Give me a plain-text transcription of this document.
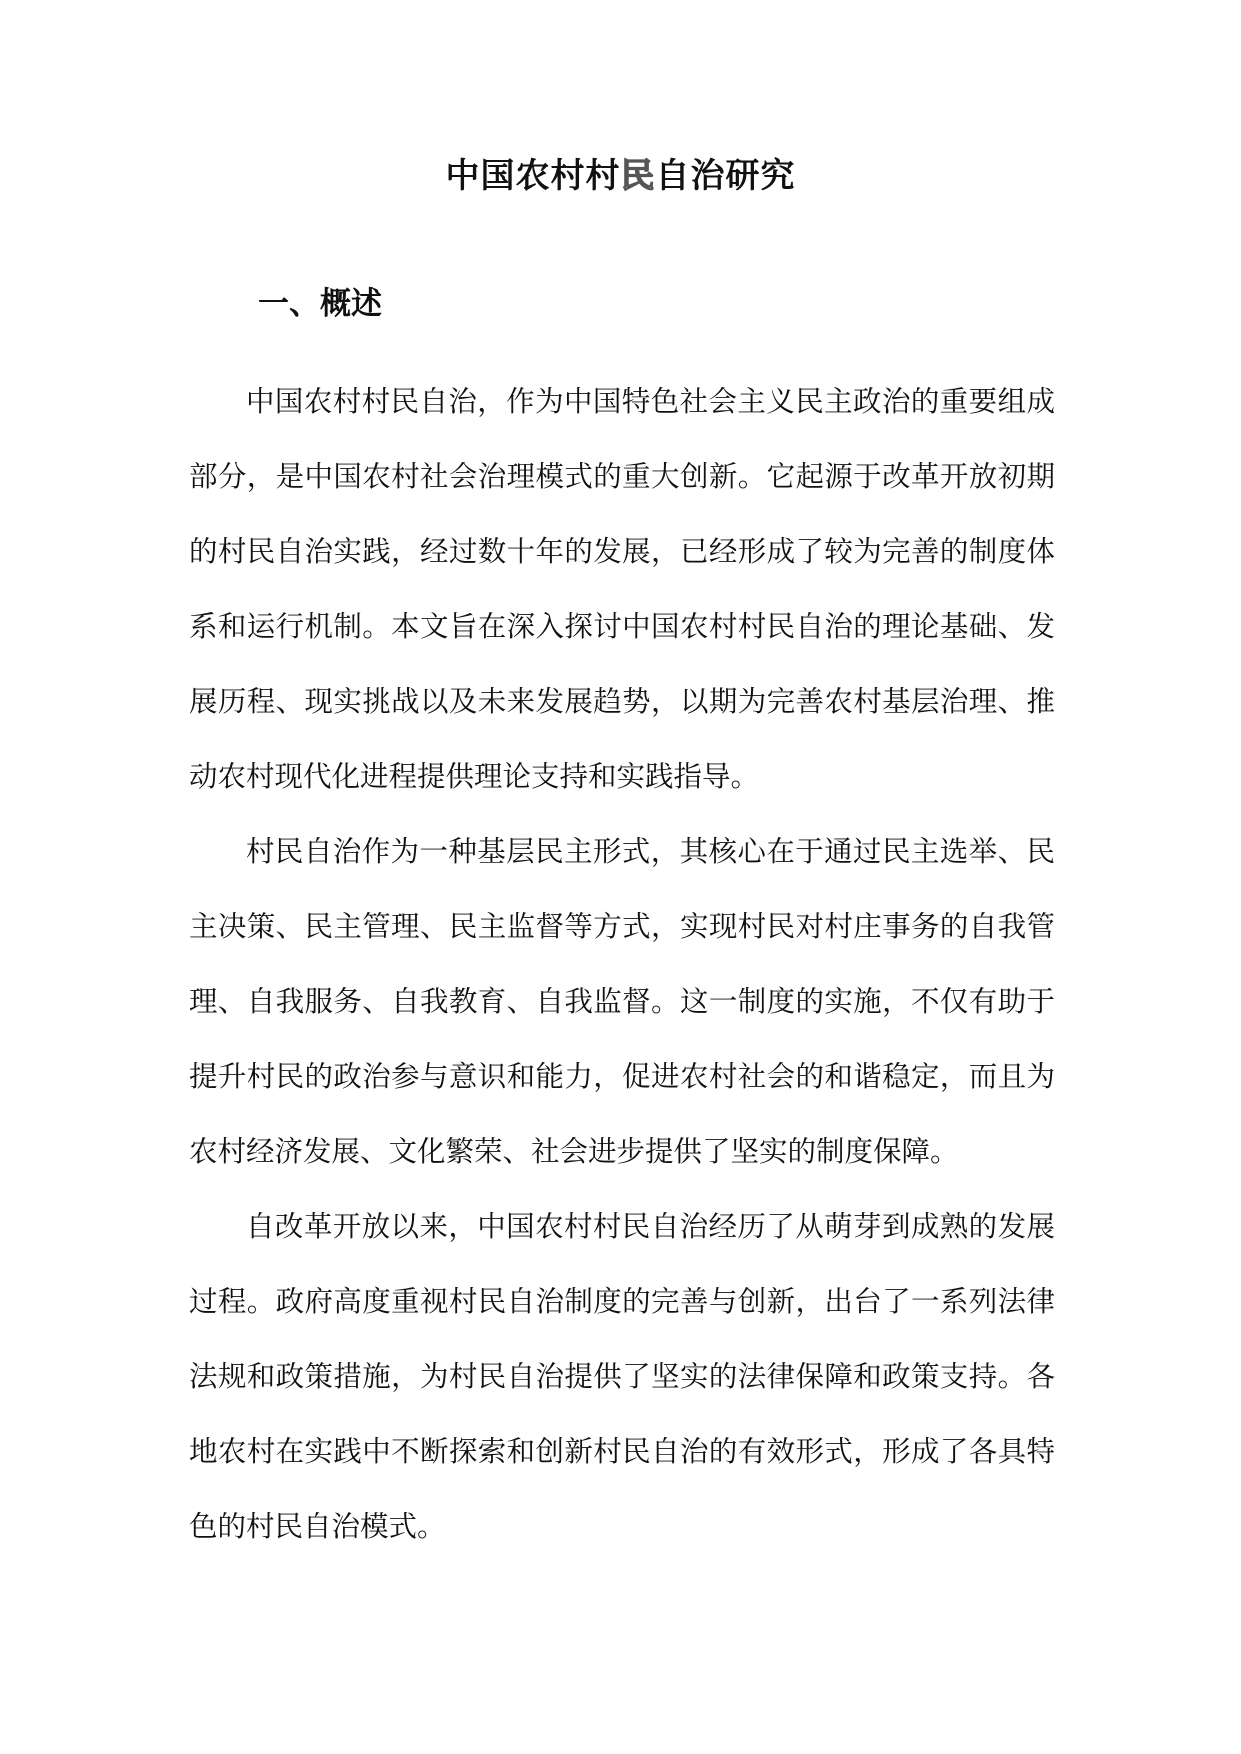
中国农村村民自治研究
一、概述

中国农村村民自治，作为中国特色社会主义民主政治的重要组成部分，是中国农村社会治理模式的重大创新。它起源于改革开放初期的村民自治实践，经过数十年的发展，已经形成了较为完善的制度体系和运行机制。本文旨在深入探讨中国农村村民自治的理论基础、发展历程、现实挑战以及未来发展趋势，以期为完善农村基层治理、推动农村现代化进程提供理论支持和实践指导。

村民自治作为一种基层民主形式，其核心在于通过民主选举、民主决策、民主管理、民主监督等方式，实现村民对村庄事务的自我管理、自我服务、自我教育、自我监督。这一制度的实施，不仅有助于提升村民的政治参与意识和能力，促进农村社会的和谐稳定，而且为农村经济发展、文化繁荣、社会进步提供了坚实的制度保障。

自改革开放以来，中国农村村民自治经历了从萌芽到成熟的发展过程。政府高度重视村民自治制度的完善与创新，出台了一系列法律法规和政策措施，为村民自治提供了坚实的法律保障和政策支持。各地农村在实践中不断探索和创新村民自治的有效形式，形成了各具特色的村民自治模式。
